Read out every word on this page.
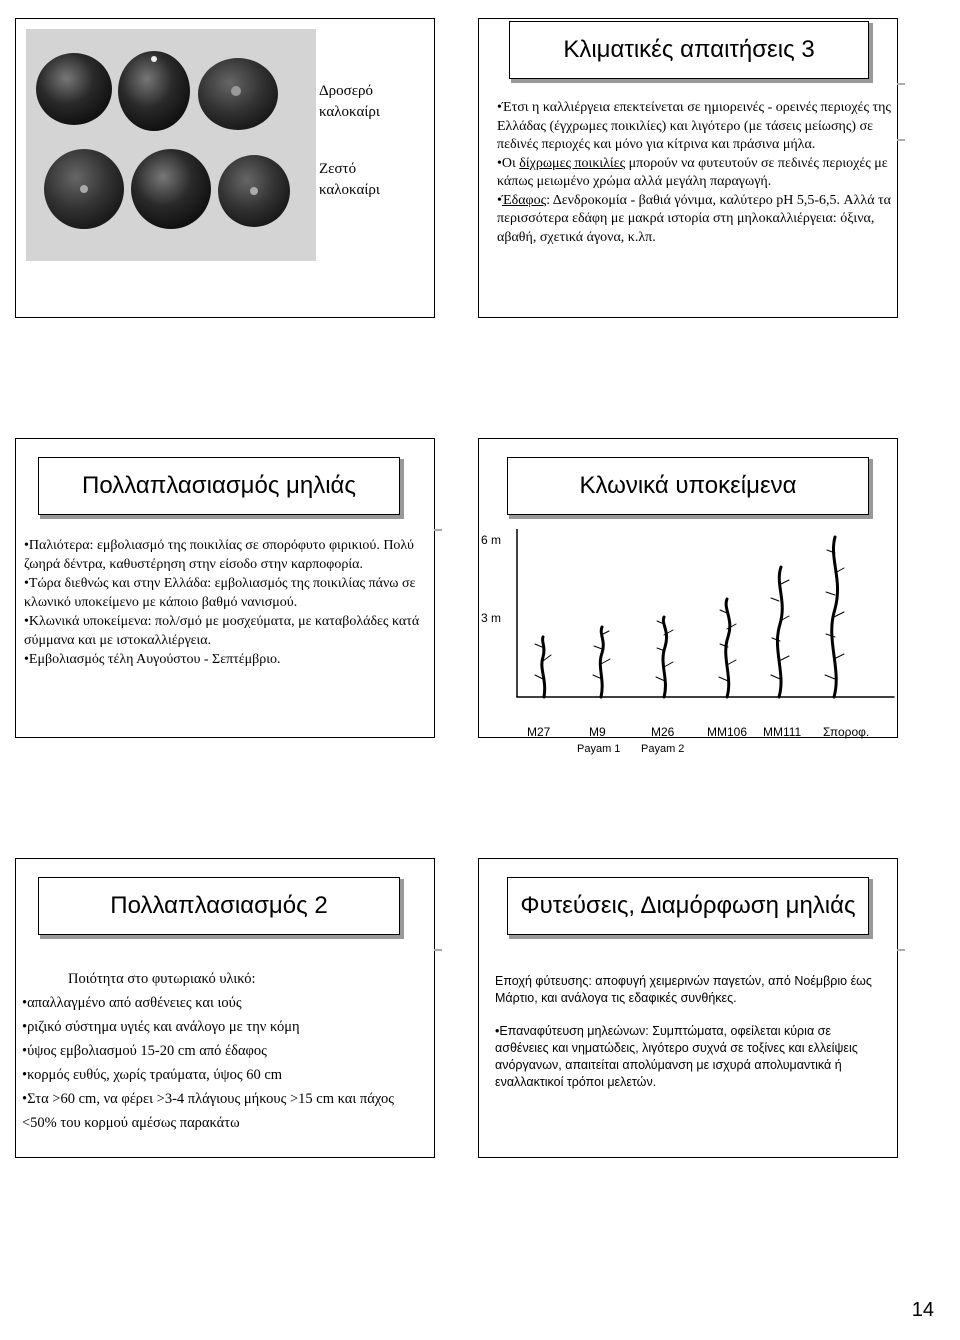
Δροσερό καλοκαίρι
Ζεστό καλοκαίρι
Κλιματικές απαιτήσεις 3
•Έτσι η καλλιέργεια επεκτείνεται σε ημιορεινές - ορεινές περιοχές της Ελλάδας (έγχρωμες ποικιλίες) και λιγότερο (με τάσεις μείωσης) σε πεδινές περιοχές και μόνο για κίτρινα και πράσινα μήλα.
•Οι δίχρωμες ποικιλίες μπορούν να φυτευτούν σε πεδινές περιοχές με κάπως μειωμένο χρώμα αλλά μεγάλη παραγωγή.
•Έδαφος: Δενδροκομία - βαθιά γόνιμα, καλύτερο pH 5,5-6,5. Αλλά τα περισσότερα εδάφη με μακρά ιστορία στη μηλοκαλλιέργεια: όξινα, αβαθή, σχετικά άγονα, κ.λπ.
Πολλαπλασιασμός μηλιάς
•Παλιότερα: εμβολιασμό της ποικιλίας σε σπορόφυτο φιρικιού. Πολύ ζωηρά δέντρα, καθυστέρηση στην είσοδο στην καρποφορία.
•Τώρα διεθνώς και στην Ελλάδα: εμβολιασμός της ποικιλίας πάνω σε κλωνικό υποκείμενο με κάποιο βαθμό νανισμού.
•Κλωνικά υποκείμενα: πολ/σμό με μοσχεύματα, με καταβολάδες κατά σύμμανα και με ιστοκαλλιέργεια.
•Εμβολιασμός τέλη Αυγούστου - Σεπτέμβριο.
Κλωνικά υποκείμενα
6 m
3 m
M27	M9	M26	MM106 MM111 Σποροφ.
Payam 1 Payam 2
Πολλαπλασιασμός 2
Ποιότητα στο φυτωριακό υλικό:
•απαλλαγμένο από ασθένειες και ιούς
•ριζικό σύστημα υγιές και ανάλογο με την κόμη
•ύψος εμβολιασμού 15-20 cm από έδαφος
•κορμός ευθύς, χωρίς τραύματα, ύψος 60 cm
•Στα >60 cm, να φέρει >3-4 πλάγιους μήκους >15 cm και πάχος <50% του κορμού αμέσως παρακάτω
Φυτεύσεις, Διαμόρφωση μηλιάς
Εποχή φύτευσης: αποφυγή χειμερινών παγετών, από Νοέμβριο έως Μάρτιο, και ανάλογα τις εδαφικές συνθήκες.
•Επαναφύτευση μηλεώνων: Συμπτώματα, οφείλεται κύρια σε ασθένειες και νηματώδεις, λιγότερο συχνά σε τοξίνες και ελλείψεις ανόργανων, απαιτείται απολύμανση με ισχυρά απολυμαντικά ή εναλλακτικοί τρόποι μελετών.
14
